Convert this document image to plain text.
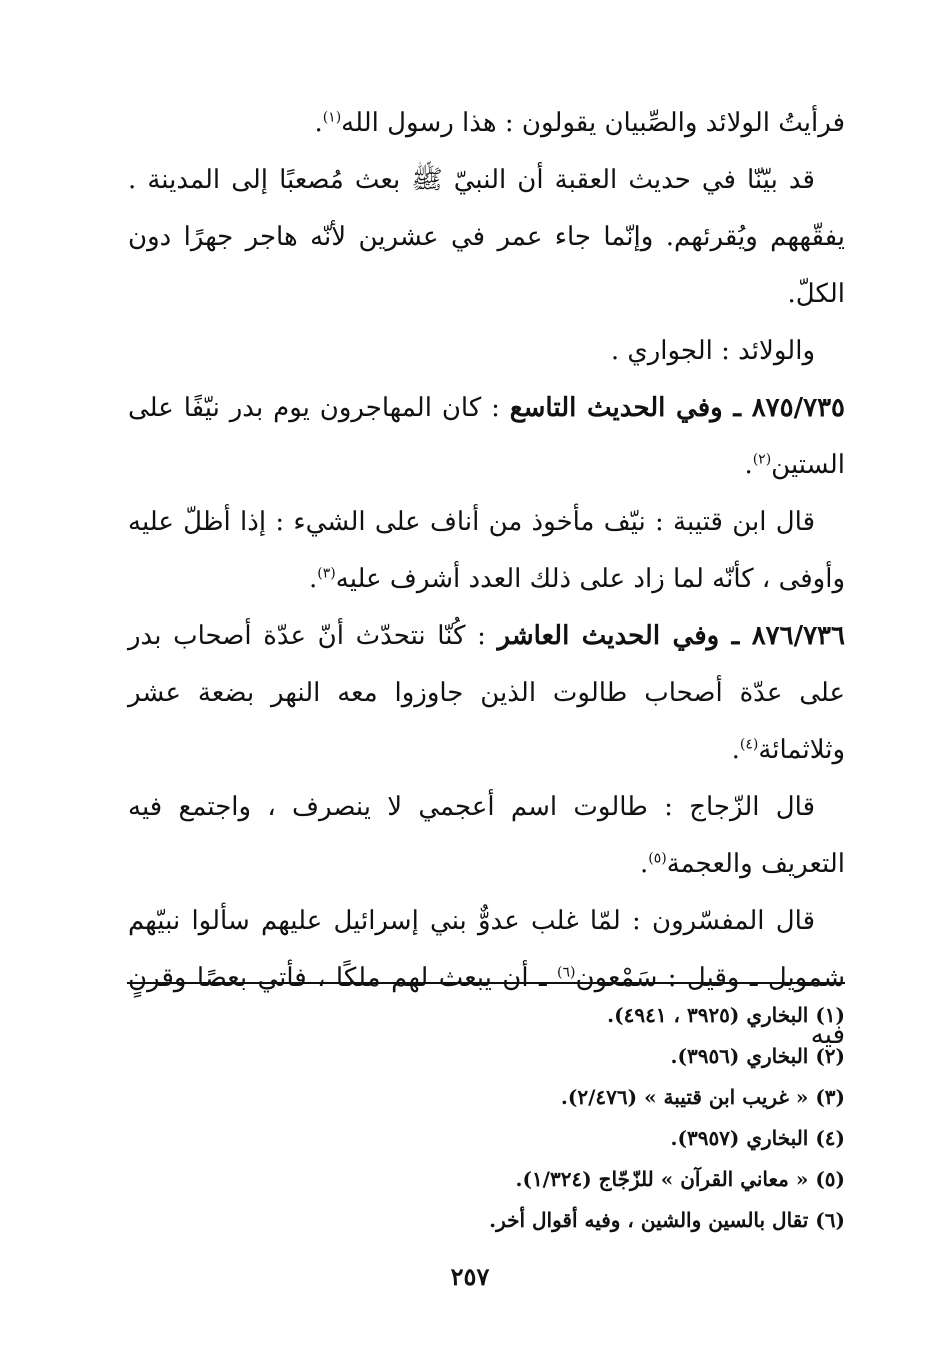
فرأيتُ الولائد والصِّبيان يقولون : هذا رسول الله$^{(١)}$.

قد بيّنّا في حديث العقبة أن النبيّ ﷺ بعث مُصعبًا إلى المدينة . يفقّههم ويُقرئهم. وإنّما جاء عمر في عشرين لأنّه هاجر جهرًا دون الكلّ.

والولائد : الجواري .

٨٧٥/٧٣٥ ـ وفي الحديث التاسع : كان المهاجرون يوم بدر نيّفًا على الستين$^{(٢)}$.

قال ابن قتيبة : نيّف مأخوذ من أناف على الشيء : إذا أظلّ عليه وأوفى ، كأنّه لما زاد على ذلك العدد أشرف عليه$^{(٣)}$.

٨٧٦/٧٣٦ ـ وفي الحديث العاشر : كُنّا نتحدّث أنّ عدّة أصحاب بدر على عدّة أصحاب طالوت الذين جاوزوا معه النهر بضعة عشر وثلاثمائة$^{(٤)}$.

قال الزّجاج : طالوت اسم أعجمي لا ينصرف ، واجتمع فيه التعريف والعجمة$^{(٥)}$.

قال المفسّرون : لمّا غلب عدوٌّ بني إسرائيل عليهم سألوا نبيّهم شمويل ـ وقيل : سَمْعون$^{(٦)}$ ـ أن يبعث لهم ملكًا ، فأتي بعصًا وقرنٍ فيه

(١) البخاري (٣٩٢٥ ، ٤٩٤١).

(٢) البخاري (٣٩٥٦).

(٣) « غريب ابن قتيبة » (٢/٤٧٦).

(٤) البخاري (٣٩٥٧).

(٥) « معاني القرآن » للزّجّاج (١/٣٢٤).

(٦) تقال بالسين والشين ، وفيه أقوال أخر.

٢٥٧
